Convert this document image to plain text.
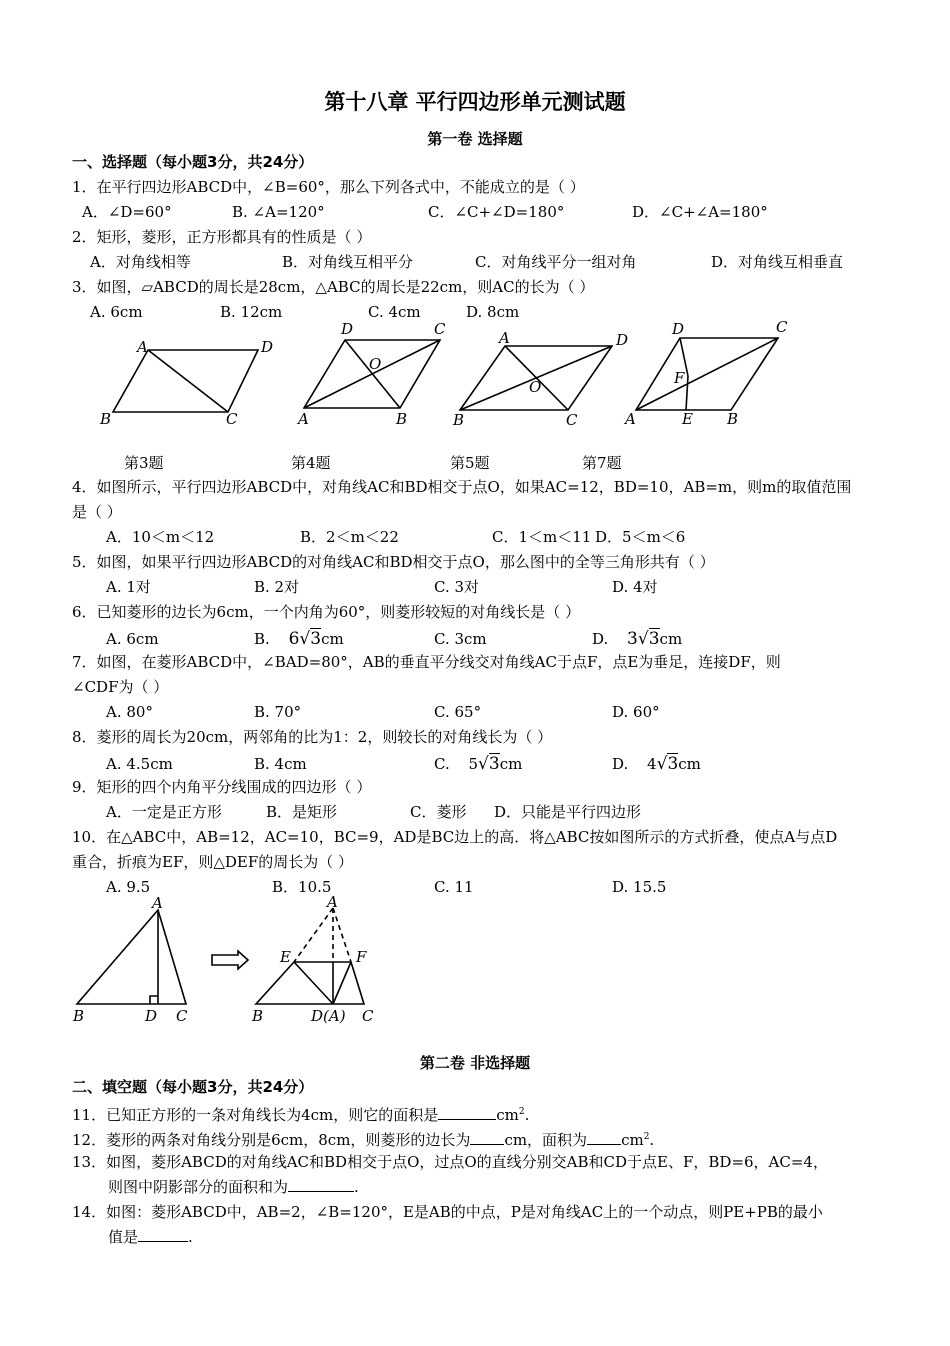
第十八章 平行四边形单元测试题
第一卷 选择题
一、选择题（每小题3分，共24分）
1．在平行四边形ABCD中，∠B=60°，那么下列各式中，不能成立的是（ ）
A．∠D=60°	B. ∠A=120°	C．∠C+∠D=180°	D．∠C+∠A=180°
2．矩形，菱形，正方形都具有的性质是（ ）
A．对角线相等	B．对角线互相平分	C．对角线平分一组对角	D．对角线互相垂直
3．如图，▱ABCD的周长是28cm，△ABC的周长是22cm，则AC的长为（ ）
A. 6cm	B. 12cm	C. 4cm	D. 8cm
A	D
B	C
D	C
O
A	B
A	D
O
B	C
D	C
F
A	E B
第3题	第4题	第5题	第7题
4．如图所示，平行四边形ABCD中，对角线AC和BD相交于点O，如果AC=12，BD=10，AB=m，则m的取值范围
是（ ）
A．10＜m＜12	B．2＜m＜22	C．1＜m＜11 D．5＜m＜6
5．如图，如果平行四边形ABCD的对角线AC和BD相交于点O，那么图中的全等三角形共有（ ）
A. 1对	B. 2对	C. 3对	D. 4对
6．已知菱形的边长为6cm，一个内角为60°，则菱形较短的对角线长是（ ）
A. 6cm	B. 6√3cm	C. 3cm	D. 3√3cm
7．如图，在菱形ABCD中，∠BAD=80°，AB的垂直平分线交对角线AC于点F，点E为垂足，连接DF，则
∠CDF为（ ）
A. 80°	B. 70°	C. 65°	D. 60°
8．菱形的周长为20cm，两邻角的比为1：2，则较长的对角线长为（ ）
A. 4.5cm	B. 4cm	C. 5√3cm	D. 4√3cm
9．矩形的四个内角平分线围成的四边形（ ）
A．一定是正方形	B．是矩形	C．菱形 D．只能是平行四边形
10．在△ABC中，AB=12，AC=10，BC=9，AD是BC边上的高．将△ABC按如图所示的方式折叠，使点A与点D
重合，折痕为EF，则△DEF的周长为（ ）
A. 9.5	B．10.5	C. 11	D. 15.5
A
B	D C
A
E	F
B	D(A) C
第二卷 非选择题
二、填空题（每小题3分，共24分）
11．已知正方形的一条对角线长为4cm，则它的面积是	$cm^2$.
12．菱形的两条对角线分别是6cm，8cm，则菱形的边长为 cm，面积为 $cm^2$.
13．如图，菱形ABCD的对角线AC和BD相交于点O，过点O的直线分别交AB和CD于点E、F，BD=6，AC=4，
则图中阴影部分的面积和为	.
14．如图：菱形ABCD中，AB=2，∠B=120°，E是AB的中点，P是对角线AC上的一个动点，则PE+PB的最小
值是	.
